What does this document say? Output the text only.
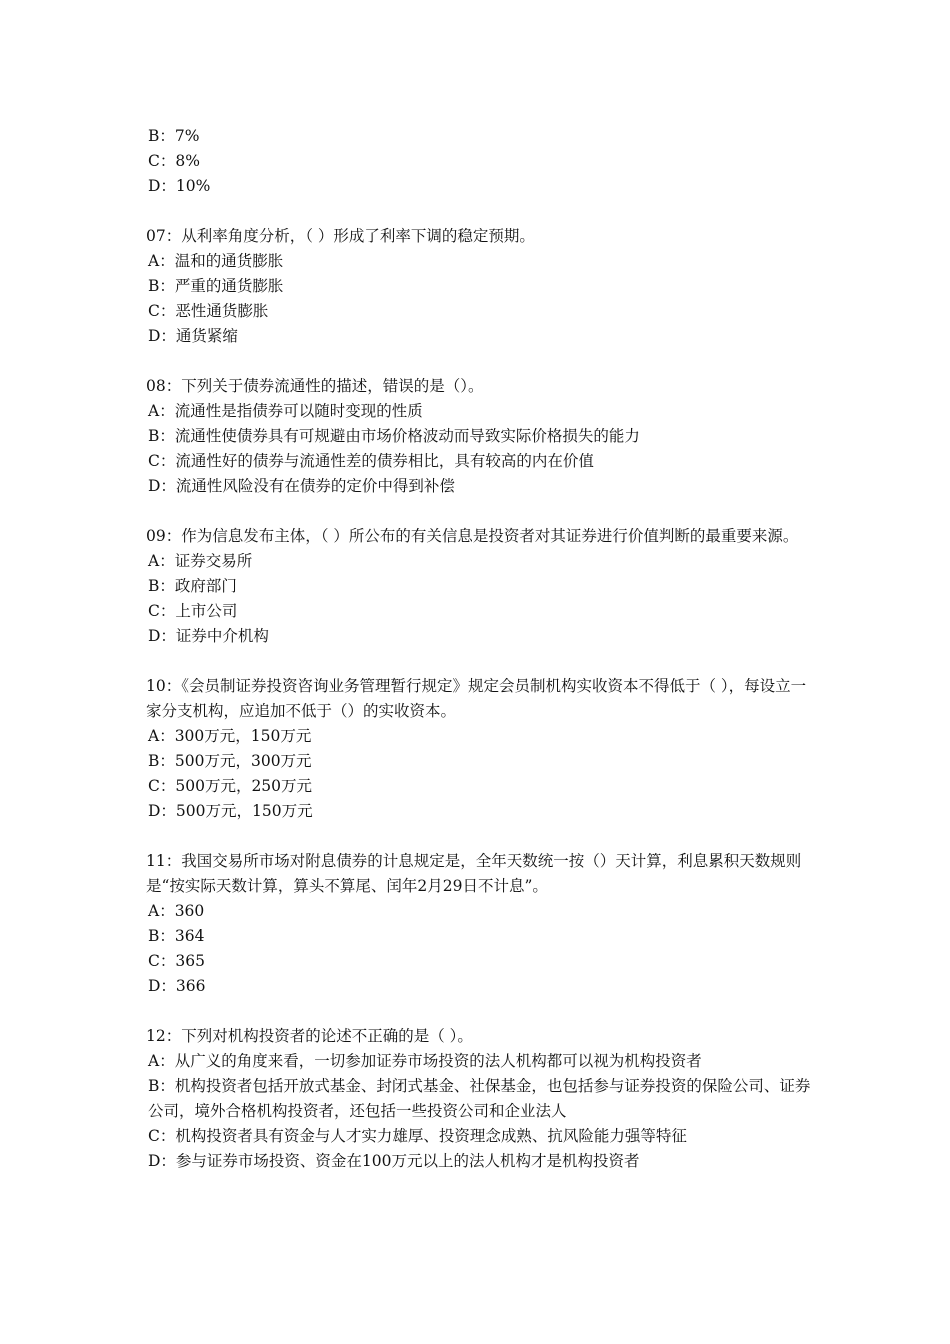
B：7%
C：8%
D：10%
07：从利率角度分析，（ ）形成了利率下调的稳定预期。
A：温和的通货膨胀
B：严重的通货膨胀
C：恶性通货膨胀
D：通货紧缩
08：下列关于债券流通性的描述，错误的是（）。
A：流通性是指债券可以随时变现的性质
B：流通性使债券具有可规避由市场价格波动而导致实际价格损失的能力
C：流通性好的债券与流通性差的债券相比，具有较高的内在价值
D：流通性风险没有在债券的定价中得到补偿
09：作为信息发布主体，（ ）所公布的有关信息是投资者对其证券进行价值判断的最重要来源。
A：证券交易所
B：政府部门
C：上市公司
D：证券中介机构
10：《会员制证券投资咨询业务管理暂行规定》规定会员制机构实收资本不得低于（ ），每设立一家分支机构，应追加不低于（）的实收资本。
A：300万元，150万元
B：500万元，300万元
C：500万元，250万元
D：500万元，150万元
11：我国交易所市场对附息债券的计息规定是，全年天数统一按（）天计算，利息累积天数规则是“按实际天数计算，算头不算尾、闰年2月29日不计息”。
A：360
B：364
C：365
D：366
12：下列对机构投资者的论述不正确的是（ ）。
A：从广义的角度来看，一切参加证券市场投资的法人机构都可以视为机构投资者
B：机构投资者包括开放式基金、封闭式基金、社保基金，也包括参与证券投资的保险公司、证券公司，境外合格机构投资者，还包括一些投资公司和企业法人
C：机构投资者具有资金与人才实力雄厚、投资理念成熟、抗风险能力强等特征
D：参与证券市场投资、资金在100万元以上的法人机构才是机构投资者
